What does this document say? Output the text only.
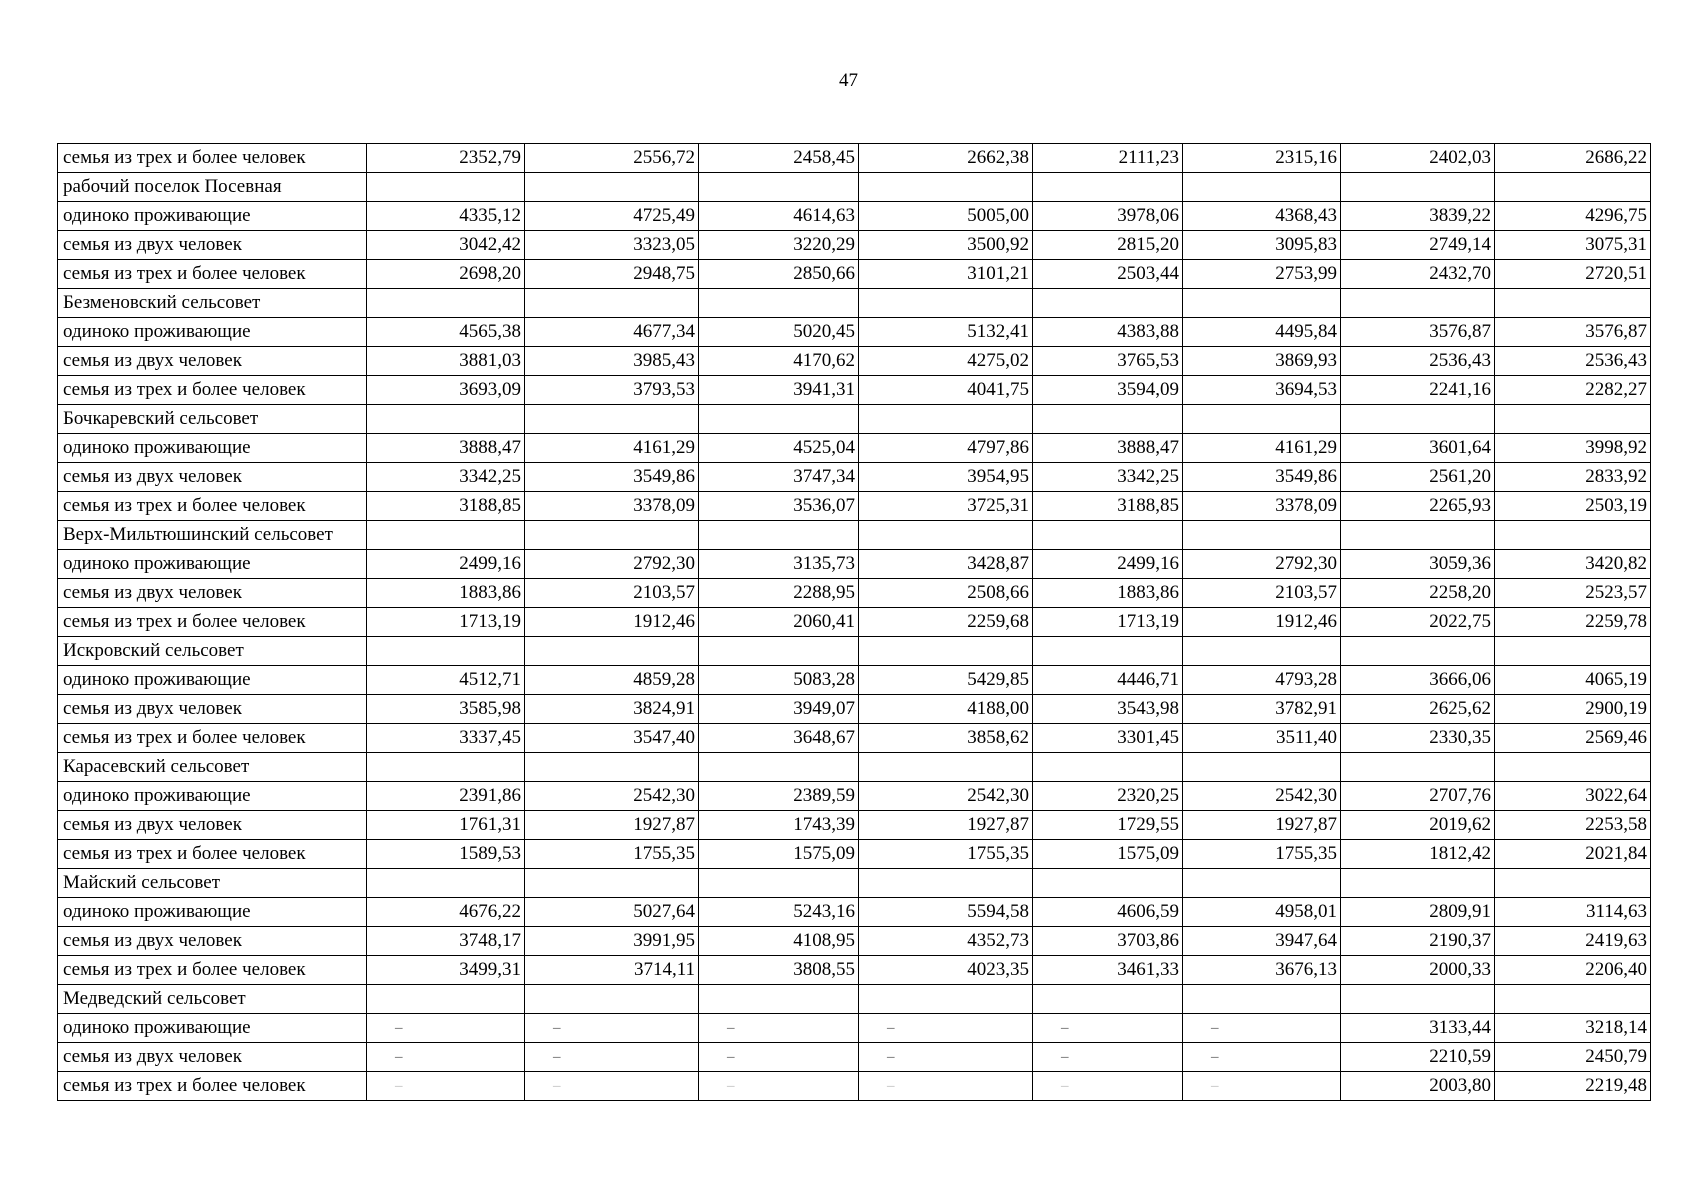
47
семья из трех и более человек	2352,79	2556,72	2458,45	2662,38	2111,23	2315,16	2402,03	2686,22
рабочий поселок Посевная								
одиноко проживающие	4335,12	4725,49	4614,63	5005,00	3978,06	4368,43	3839,22	4296,75
семья из двух человек	3042,42	3323,05	3220,29	3500,92	2815,20	3095,83	2749,14	3075,31
семья из трех и более человек	2698,20	2948,75	2850,66	3101,21	2503,44	2753,99	2432,70	2720,51
Безменовский сельсовет								
одиноко проживающие	4565,38	4677,34	5020,45	5132,41	4383,88	4495,84	3576,87	3576,87
семья из двух человек	3881,03	3985,43	4170,62	4275,02	3765,53	3869,93	2536,43	2536,43
семья из трех и более человек	3693,09	3793,53	3941,31	4041,75	3594,09	3694,53	2241,16	2282,27
Бочкаревский сельсовет								
одиноко проживающие	3888,47	4161,29	4525,04	4797,86	3888,47	4161,29	3601,64	3998,92
семья из двух человек	3342,25	3549,86	3747,34	3954,95	3342,25	3549,86	2561,20	2833,92
семья из трех и более человек	3188,85	3378,09	3536,07	3725,31	3188,85	3378,09	2265,93	2503,19
Верх-Мильтюшинский сельсовет								
одиноко проживающие	2499,16	2792,30	3135,73	3428,87	2499,16	2792,30	3059,36	3420,82
семья из двух человек	1883,86	2103,57	2288,95	2508,66	1883,86	2103,57	2258,20	2523,57
семья из трех и более человек	1713,19	1912,46	2060,41	2259,68	1713,19	1912,46	2022,75	2259,78
Искровский сельсовет								
одиноко проживающие	4512,71	4859,28	5083,28	5429,85	4446,71	4793,28	3666,06	4065,19
семья из двух человек	3585,98	3824,91	3949,07	4188,00	3543,98	3782,91	2625,62	2900,19
семья из трех и более человек	3337,45	3547,40	3648,67	3858,62	3301,45	3511,40	2330,35	2569,46
Карасевский сельсовет								
одиноко проживающие	2391,86	2542,30	2389,59	2542,30	2320,25	2542,30	2707,76	3022,64
семья из двух человек	1761,31	1927,87	1743,39	1927,87	1729,55	1927,87	2019,62	2253,58
семья из трех и более человек	1589,53	1755,35	1575,09	1755,35	1575,09	1755,35	1812,42	2021,84
Майский сельсовет								
одиноко проживающие	4676,22	5027,64	5243,16	5594,58	4606,59	4958,01	2809,91	3114,63
семья из двух человек	3748,17	3991,95	4108,95	4352,73	3703,86	3947,64	2190,37	2419,63
семья из трех и более человек	3499,31	3714,11	3808,55	4023,35	3461,33	3676,13	2000,33	2206,40
Медведский сельсовет								
одиноко проживающие	–	–	–	–	–	–	3133,44	3218,14
семья из двух человек	–	–	–	–	–	–	2210,59	2450,79
семья из трех и более человек	–	–	–	–	–	–	2003,80	2219,48
